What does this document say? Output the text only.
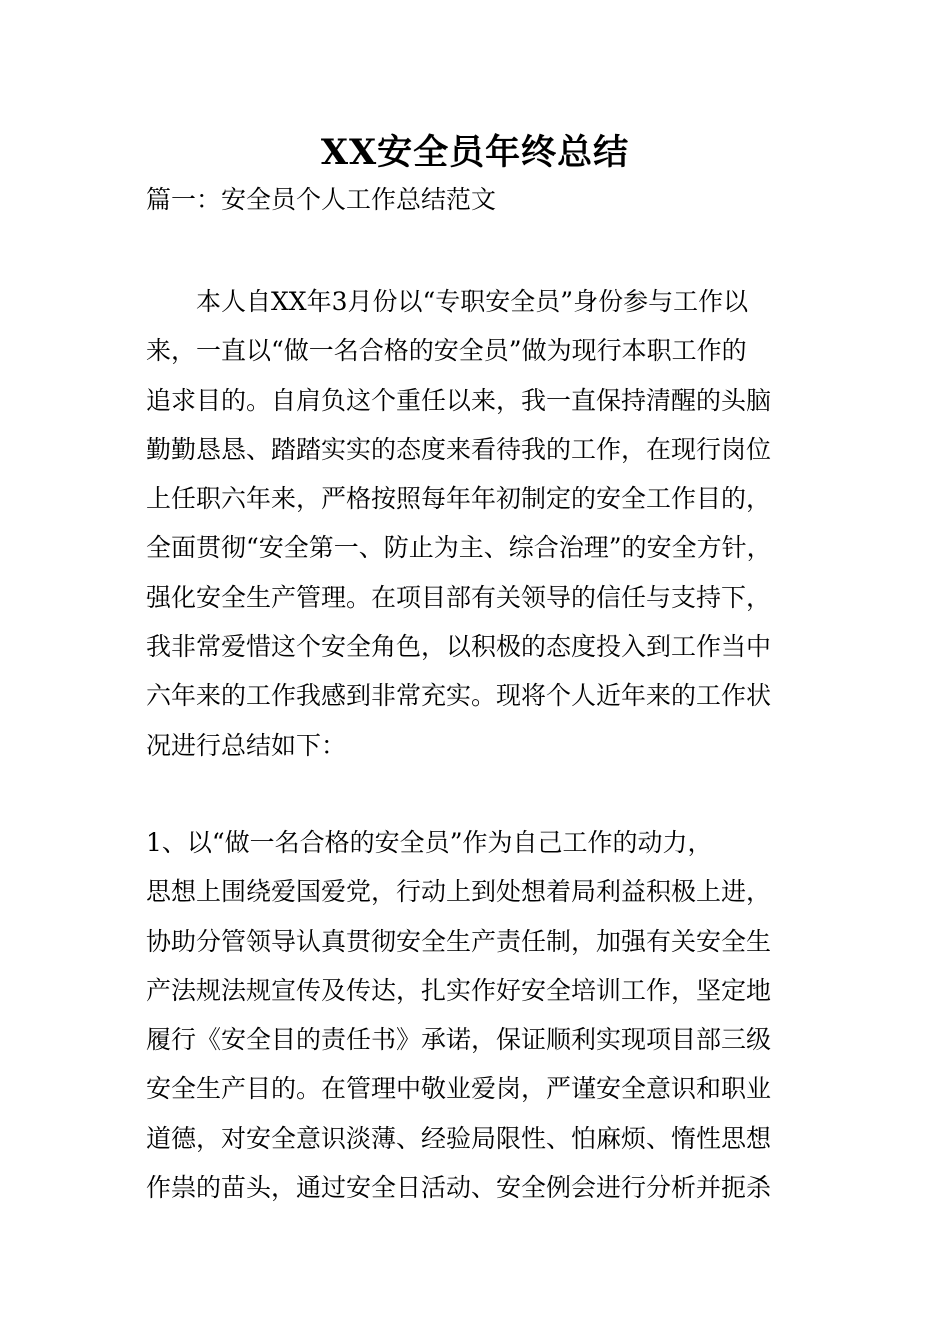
XX安全员年终总结
篇一：安全员个人工作总结范文
　　本人自XX年3月份以“专职安全员”身份参与工作以
来，一直以“做一名合格的安全员”做为现行本职工作的
追求目的。自肩负这个重任以来，我一直保持清醒的头脑
勤勤恳恳、踏踏实实的态度来看待我的工作，在现行岗位
上任职六年来，严格按照每年年初制定的安全工作目的，
全面贯彻“安全第一、防止为主、综合治理”的安全方针，
强化安全生产管理。在项目部有关领导的信任与支持下，
我非常爱惜这个安全角色，以积极的态度投入到工作当中
六年来的工作我感到非常充实。现将个人近年来的工作状
况进行总结如下：
1、以“做一名合格的安全员”作为自己工作的动力，
思想上围绕爱国爱党，行动上到处想着局利益积极上进，
协助分管领导认真贯彻安全生产责任制，加强有关安全生
产法规法规宣传及传达，扎实作好安全培训工作，坚定地
履行《安全目的责任书》承诺，保证顺利实现项目部三级
安全生产目的。在管理中敬业爱岗，严谨安全意识和职业
道德，对安全意识淡薄、经验局限性、怕麻烦、惰性思想
作祟的苗头，通过安全日活动、安全例会进行分析并扼杀
